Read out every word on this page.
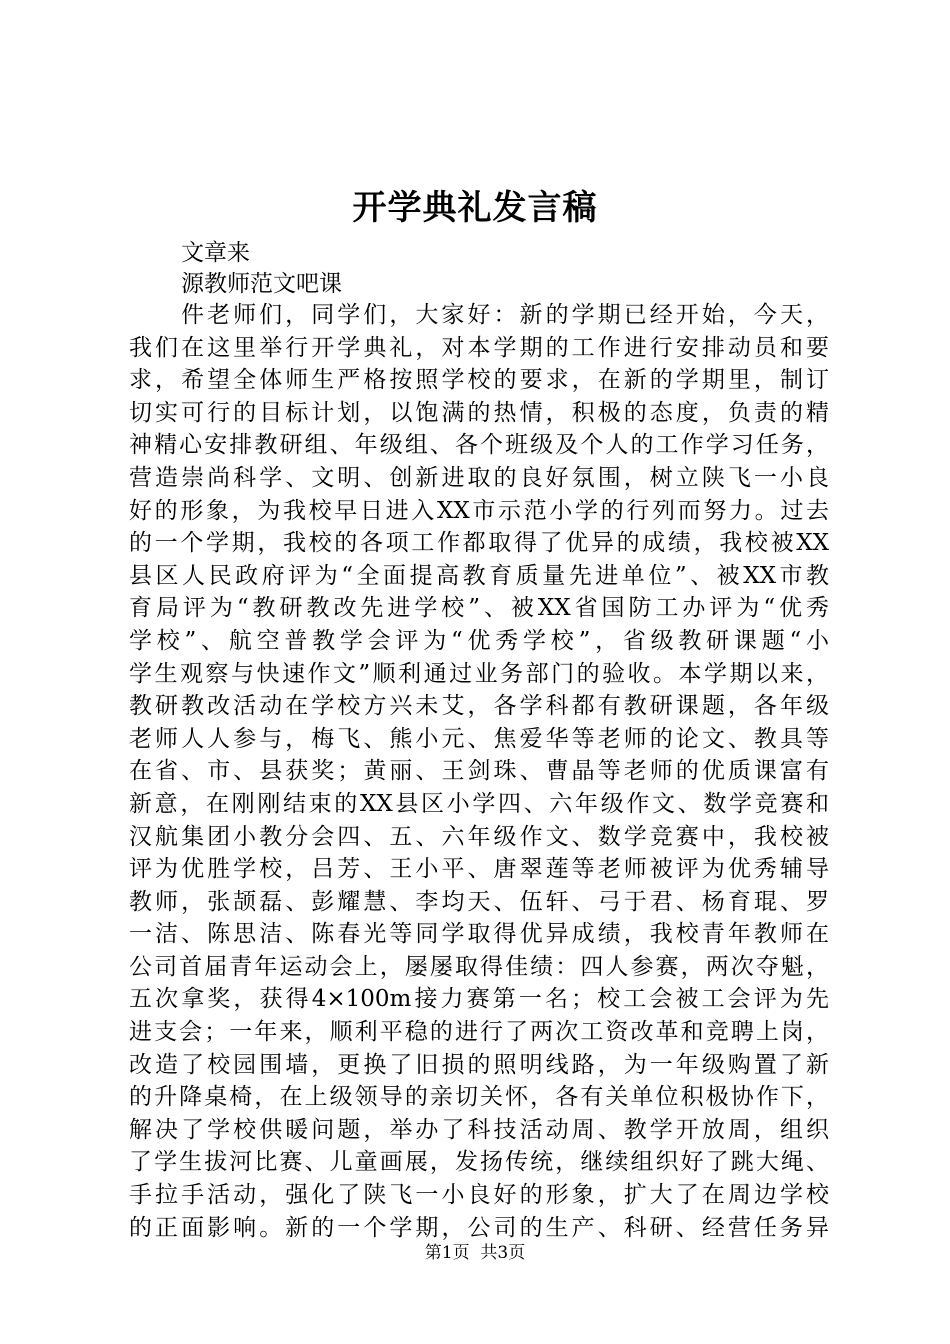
开学典礼发言稿
文章来
源教师范文吧课
件老师们，同学们，大家好：新的学期已经开始，今天，
我们在这里举行开学典礼，对本学期的工作进行安排动员和要
求，希望全体师生严格按照学校的要求，在新的学期里，制订
切实可行的目标计划，以饱满的热情，积极的态度，负责的精
神精心安排教研组、年级组、各个班级及个人的工作学习任务，
营造崇尚科学、文明、创新进取的良好氛围，树立陕飞一小良
好的形象，为我校早日进入XX市示范小学的行列而努力。过去
的一个学期，我校的各项工作都取得了优异的成绩，我校被XX
县区人民政府评为“全面提高教育质量先进单位”、被XX市教
育局评为“教研教改先进学校”、被XX省国防工办评为“优秀
学校”、航空普教学会评为“优秀学校”，省级教研课题“小
学生观察与快速作文”顺利通过业务部门的验收。本学期以来，
教研教改活动在学校方兴未艾，各学科都有教研课题，各年级
老师人人参与，梅飞、熊小元、焦爱华等老师的论文、教具等
在省、市、县获奖；黄丽、王剑珠、曹晶等老师的优质课富有
新意，在刚刚结束的XX县区小学四、六年级作文、数学竞赛和
汉航集团小教分会四、五、六年级作文、数学竞赛中，我校被
评为优胜学校，吕芳、王小平、唐翠莲等老师被评为优秀辅导
教师，张颉磊、彭耀慧、李均天、伍轩、弓于君、杨育琨、罗
一洁、陈思洁、陈春光等同学取得优异成绩，我校青年教师在
公司首届青年运动会上，屡屡取得佳绩：四人参赛，两次夺魁，
五次拿奖，获得4×100m接力赛第一名；校工会被工会评为先
进支会；一年来，顺利平稳的进行了两次工资改革和竞聘上岗，
改造了校园围墙，更换了旧损的照明线路，为一年级购置了新
的升降桌椅，在上级领导的亲切关怀，各有关单位积极协作下，
解决了学校供暖问题，举办了科技活动周、教学开放周，组织
了学生拔河比赛、儿童画展，发扬传统，继续组织好了跳大绳、
手拉手活动，强化了陕飞一小良好的形象，扩大了在周边学校
的正面影响。新的一个学期，公司的生产、科研、经营任务异
第1页  共3页
